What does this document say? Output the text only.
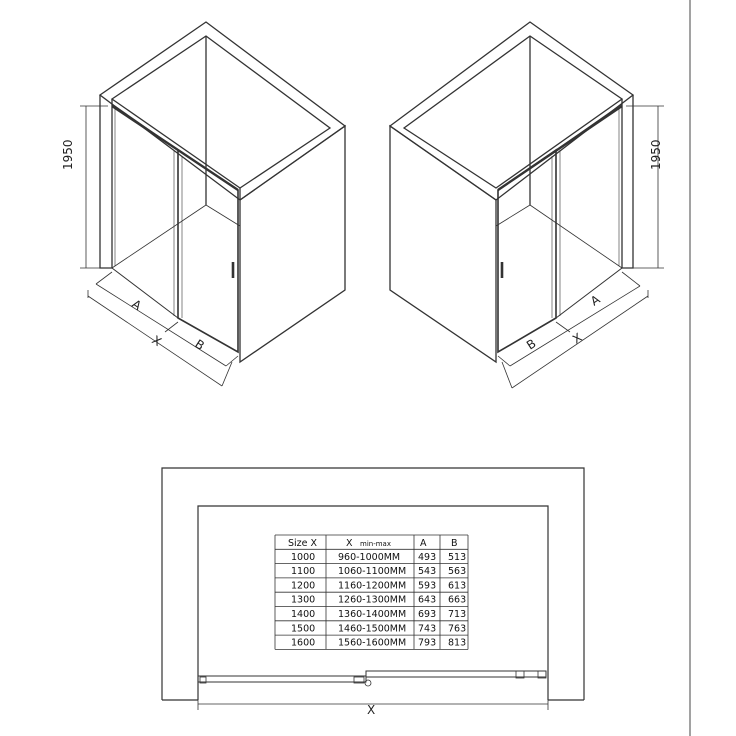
1950
A
B
X
1950
A
B	X
X
Size X	X min-max	A	B
1000 960-1000MM 493 513
1100 1060-1100MM 543 563
1200 1160-1200MM 593 613
1300 1260-1300MM 643 663
1400 1360-1400MM 693 713
1500 1460-1500MM 743 763
1600 1560-1600MM 793 813
